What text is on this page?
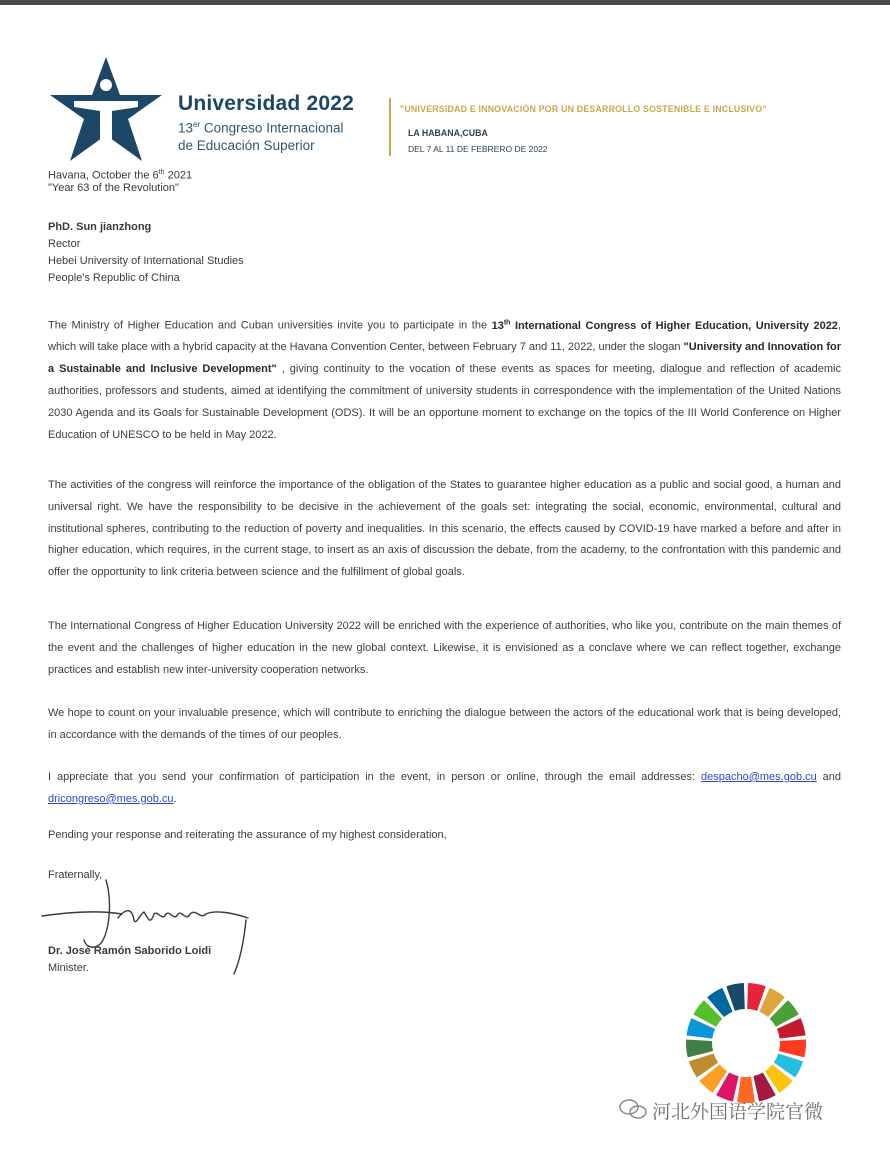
Universidad 2022
13er Congreso Internacional
de Educación Superior
"UNIVERSIDAD E INNOVACIÓN POR UN DESARROLLO SOSTENIBLE E INCLUSIVO"
LA HABANA,CUBA
DEL 7 AL 11 DE FEBRERO DE 2022
Havana, October the 6th 2021
"Year 63 of the Revolution"
PhD. Sun jianzhong
Rector
Hebei University of International Studies
People's Republic of China
The Ministry of Higher Education and Cuban universities invite you to participate in the 13th International Congress of Higher Education, University 2022, which will take place with a hybrid capacity at the Havana Convention Center, between February 7 and 11, 2022, under the slogan "University and Innovation for a Sustainable and Inclusive Development" , giving continuity to the vocation of these events as spaces for meeting, dialogue and reflection of academic authorities, professors and students, aimed at identifying the commitment of university students in correspondence with the implementation of the United Nations 2030 Agenda and its Goals for Sustainable Development (ODS). It will be an opportune moment to exchange on the topics of the III World Conference on Higher Education of UNESCO to be held in May 2022.
The activities of the congress will reinforce the importance of the obligation of the States to guarantee higher education as a public and social good, a human and universal right. We have the responsibility to be decisive in the achievement of the goals set: integrating the social, economic, environmental, cultural and institutional spheres, contributing to the reduction of poverty and inequalities. In this scenario, the effects caused by COVID-19 have marked a before and after in higher education, which requires, in the current stage, to insert as an axis of discussion the debate, from the academy, to the confrontation with this pandemic and offer the opportunity to link criteria between science and the fulfillment of global goals.
The International Congress of Higher Education University 2022 will be enriched with the experience of authorities, who like you, contribute on the main themes of the event and the challenges of higher education in the new global context. Likewise, it is envisioned as a conclave where we can reflect together, exchange practices and establish new inter-university cooperation networks.
We hope to count on your invaluable presence, which will contribute to enriching the dialogue between the actors of the educational work that is being developed, in accordance with the demands of the times of our peoples.
I appreciate that you send your confirmation of participation in the event, in person or online, through the email addresses: despacho@mes.gob.cu and dricongreso@mes.gob.cu.
Pending your response and reiterating the assurance of my highest consideration,
Fraternally,
Dr. José Ramón Saborido Loidi
Minister.
河北外国语学院官微
